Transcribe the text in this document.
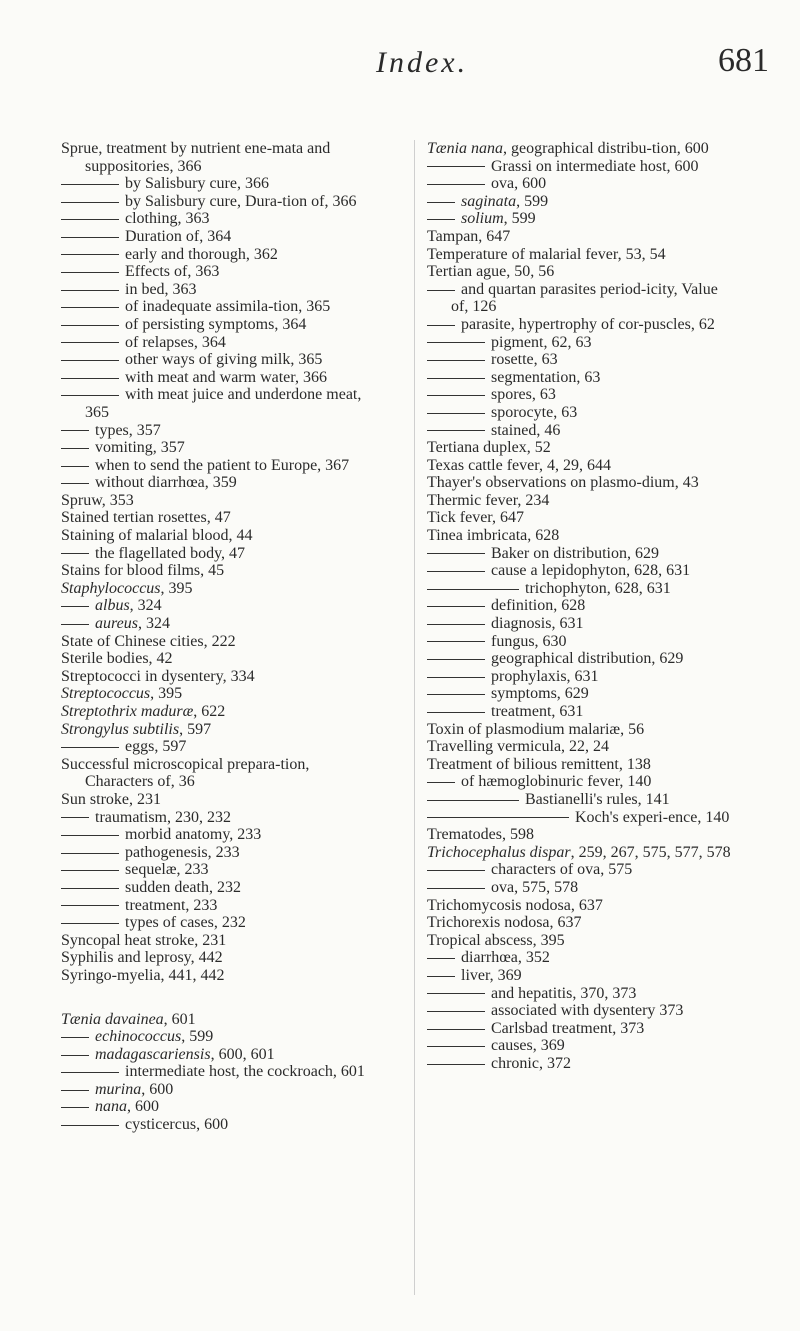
Index.	681
Sprue, treatment by nutrient ene-mata and suppositories, 366
by Salisbury cure, 366
by Salisbury cure, Dura-tion of, 366
clothing, 363
Duration of, 364
early and thorough, 362
Effects of, 363
in bed, 363
of inadequate assimila-tion, 365
of persisting symptoms, 364
of relapses, 364
other ways of giving milk, 365
with meat and warm water, 366
with meat juice and underdone meat, 365
types, 357
vomiting, 357
when to send the patient to Europe, 367
without diarrhœa, 359
Spruw, 353
Stained tertian rosettes, 47
Staining of malarial blood, 44
the flagellated body, 47
Stains for blood films, 45
Staphylococcus, 395
albus, 324
aureus, 324
State of Chinese cities, 222
Sterile bodies, 42
Streptococci in dysentery, 334
Streptococcus, 395
Streptothrix maduræ, 622
Strongylus subtilis, 597
eggs, 597
Successful microscopical prepara-tion, Characters of, 36
Sun stroke, 231
traumatism, 230, 232
morbid anatomy, 233
pathogenesis, 233
sequelæ, 233
sudden death, 232
treatment, 233
types of cases, 232
Syncopal heat stroke, 231
Syphilis and leprosy, 442
Syringo-myelia, 441, 442
Tænia davainea, 601
echinococcus, 599
madagascariensis, 600, 601
intermediate host, the cockroach, 601
murina, 600
nana, 600
cysticercus, 600
Tænia nana, geographical distribu-tion, 600
Grassi on intermediate host, 600
ova, 600
saginata, 599
solium, 599
Tampan, 647
Temperature of malarial fever, 53, 54
Tertian ague, 50, 56
and quartan parasites period-icity, Value of, 126
parasite, hypertrophy of cor-puscles, 62
pigment, 62, 63
rosette, 63
segmentation, 63
spores, 63
sporocyte, 63
stained, 46
Tertiana duplex, 52
Texas cattle fever, 4, 29, 644
Thayer's observations on plasmo-dium, 43
Thermic fever, 234
Tick fever, 647
Tinea imbricata, 628
Baker on distribution, 629
cause a lepidophyton, 628, 631
trichophyton, 628, 631
definition, 628
diagnosis, 631
fungus, 630
geographical distribution, 629
prophylaxis, 631
symptoms, 629
treatment, 631
Toxin of plasmodium malariæ, 56
Travelling vermicula, 22, 24
Treatment of bilious remittent, 138
of hæmoglobinuric fever, 140
Bastianelli's rules, 141
Koch's experi-ence, 140
Trematodes, 598
Trichocephalus dispar, 259, 267, 575, 577, 578
characters of ova, 575
ova, 575, 578
Trichomycosis nodosa, 637
Trichorexis nodosa, 637
Tropical abscess, 395
diarrhœa, 352
liver, 369
and hepatitis, 370, 373
associated with dysentery 373
Carlsbad treatment, 373
causes, 369
chronic, 372
